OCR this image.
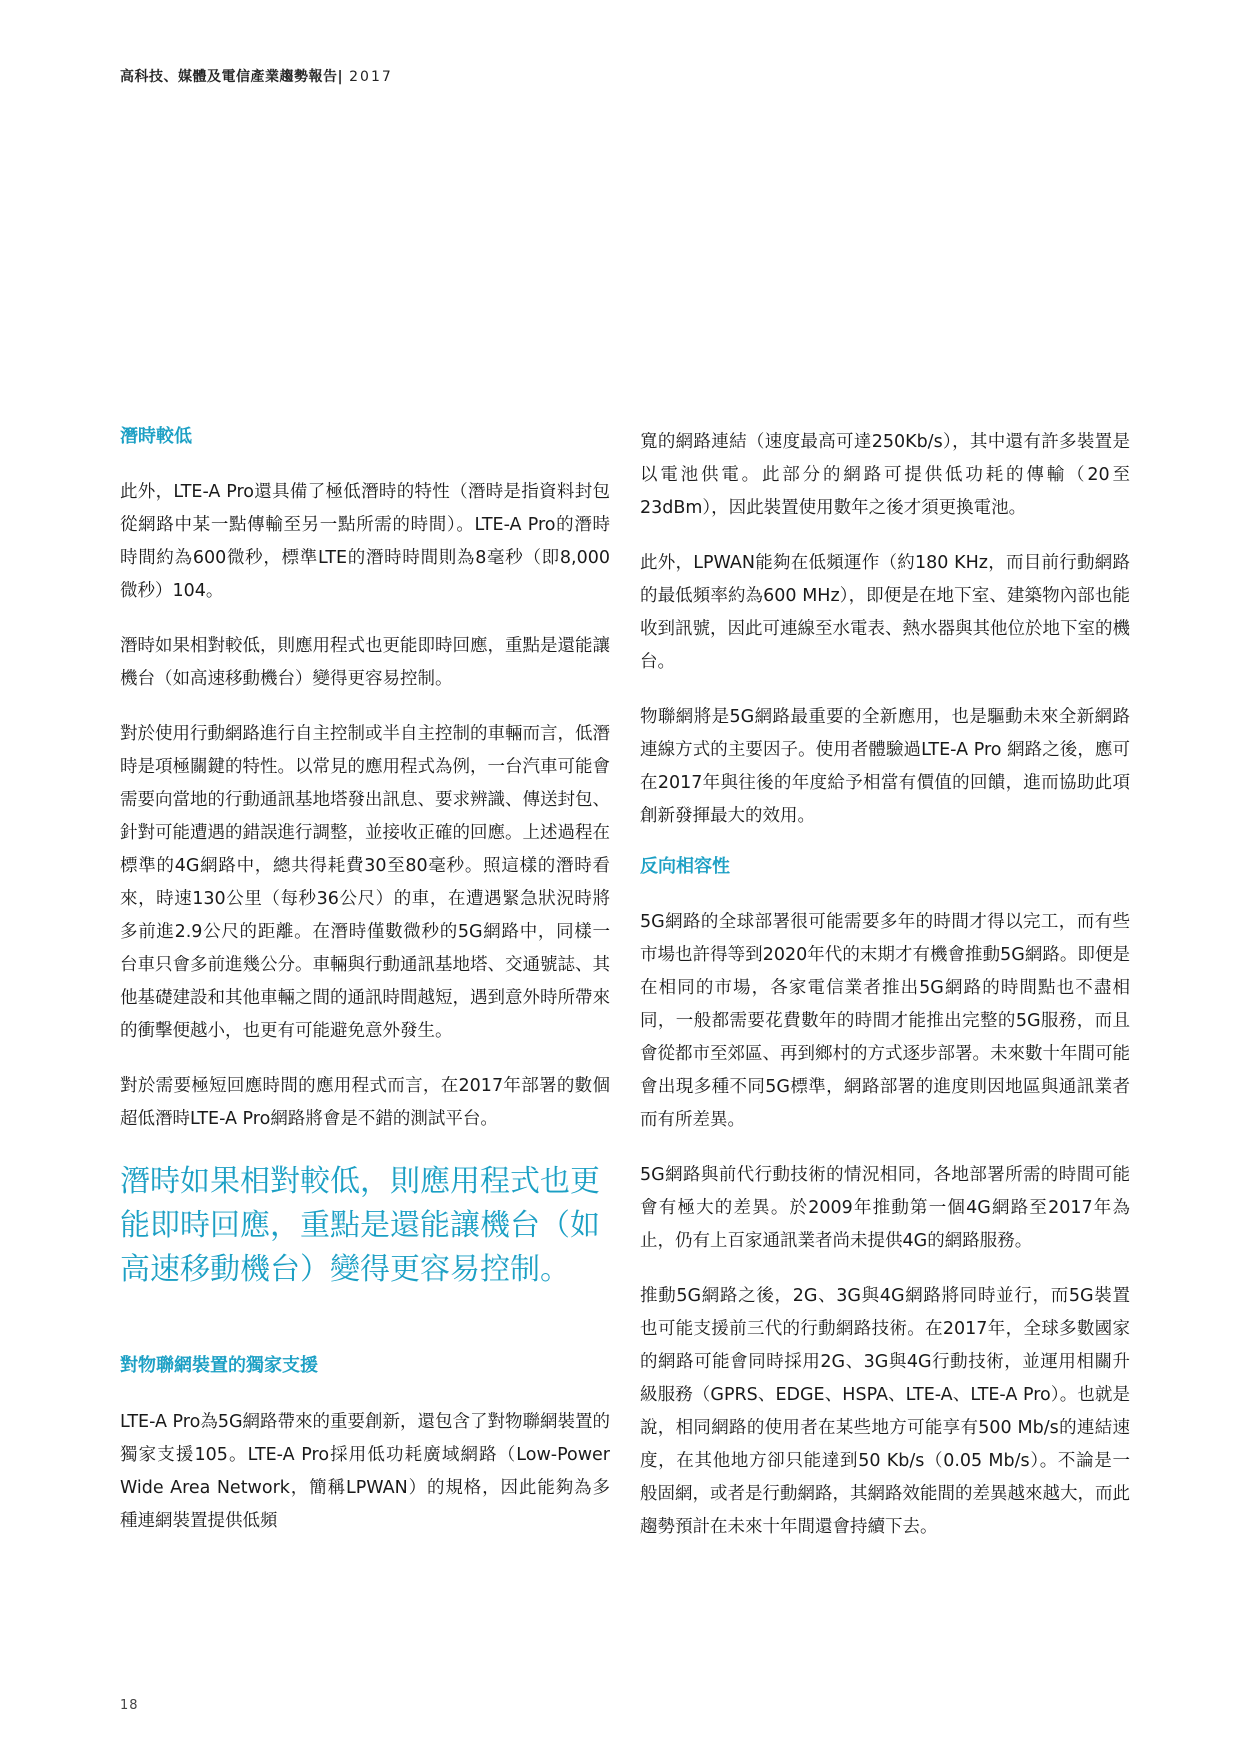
高科技、媒體及電信產業趨勢報告| 2017
潛時較低

此外，LTE-A Pro還具備了極低潛時的特性（潛時是指資料封包從網路中某一點傳輸至另一點所需的時間）。LTE-A Pro的潛時時間約為600微秒，標準LTE的潛時時間則為8毫秒（即8,000微秒）104。

潛時如果相對較低，則應用程式也更能即時回應，重點是還能讓機台（如高速移動機台）變得更容易控制。

對於使用行動網路進行自主控制或半自主控制的車輛而言，低潛時是項極關鍵的特性。以常見的應用程式為例，一台汽車可能會需要向當地的行動通訊基地塔發出訊息、要求辨識、傳送封包、針對可能遭遇的錯誤進行調整，並接收正確的回應。上述過程在標準的4G網路中，總共得耗費30至80毫秒。照這樣的潛時看來，時速130公里（每秒36公尺）的車，在遭遇緊急狀況時將多前進2.9公尺的距離。在潛時僅數微秒的5G網路中，同樣一台車只會多前進幾公分。車輛與行動通訊基地塔、交通號誌、其他基礎建設和其他車輛之間的通訊時間越短，遇到意外時所帶來的衝擊便越小，也更有可能避免意外發生。

對於需要極短回應時間的應用程式而言，在2017年部署的數個超低潛時LTE-A Pro網路將會是不錯的測試平台。

潛時如果相對較低，則應用程式也更能即時回應，重點是還能讓機台（如高速移動機台）變得更容易控制。
對物聯網裝置的獨家支援

LTE-A Pro為5G網路帶來的重要創新，還包含了對物聯網裝置的獨家支援105。LTE-A Pro採用低功耗廣域網路（Low-Power Wide Area Network，簡稱LPWAN）的規格，因此能夠為多種連網裝置提供低頻

寬的網路連結（速度最高可達250Kb/s），其中還有許多裝置是以電池供電。此部分的網路可提供低功耗的傳輸（20至23dBm），因此裝置使用數年之後才須更換電池。

此外，LPWAN能夠在低頻運作（約180 KHz，而目前行動網路的最低頻率約為600 MHz），即便是在地下室、建築物內部也能收到訊號，因此可連線至水電表、熱水器與其他位於地下室的機台。

物聯網將是5G網路最重要的全新應用，也是驅動未來全新網路連線方式的主要因子。使用者體驗過LTE-A Pro 網路之後，應可在2017年與往後的年度給予相當有價值的回饋，進而協助此項創新發揮最大的效用。

反向相容性

5G網路的全球部署很可能需要多年的時間才得以完工，而有些市場也許得等到2020年代的末期才有機會推動5G網路。即便是在相同的市場，各家電信業者推出5G網路的時間點也不盡相同，一般都需要花費數年的時間才能推出完整的5G服務，而且會從都市至郊區、再到鄉村的方式逐步部署。未來數十年間可能會出現多種不同5G標準，網路部署的進度則因地區與通訊業者而有所差異。

5G網路與前代行動技術的情況相同，各地部署所需的時間可能會有極大的差異。於2009年推動第一個4G網路至2017年為止，仍有上百家通訊業者尚未提供4G的網路服務。

推動5G網路之後，2G、3G與4G網路將同時並行，而5G裝置也可能支援前三代的行動網路技術。在2017年，全球多數國家的網路可能會同時採用2G、3G與4G行動技術，並運用相關升級服務（GPRS、EDGE、HSPA、LTE-A、LTE-A Pro）。也就是說，相同網路的使用者在某些地方可能享有500 Mb/s的連結速度，在其他地方卻只能達到50 Kb/s（0.05 Mb/s）。不論是一般固網，或者是行動網路，其網路效能間的差異越來越大，而此趨勢預計在未來十年間還會持續下去。

18
